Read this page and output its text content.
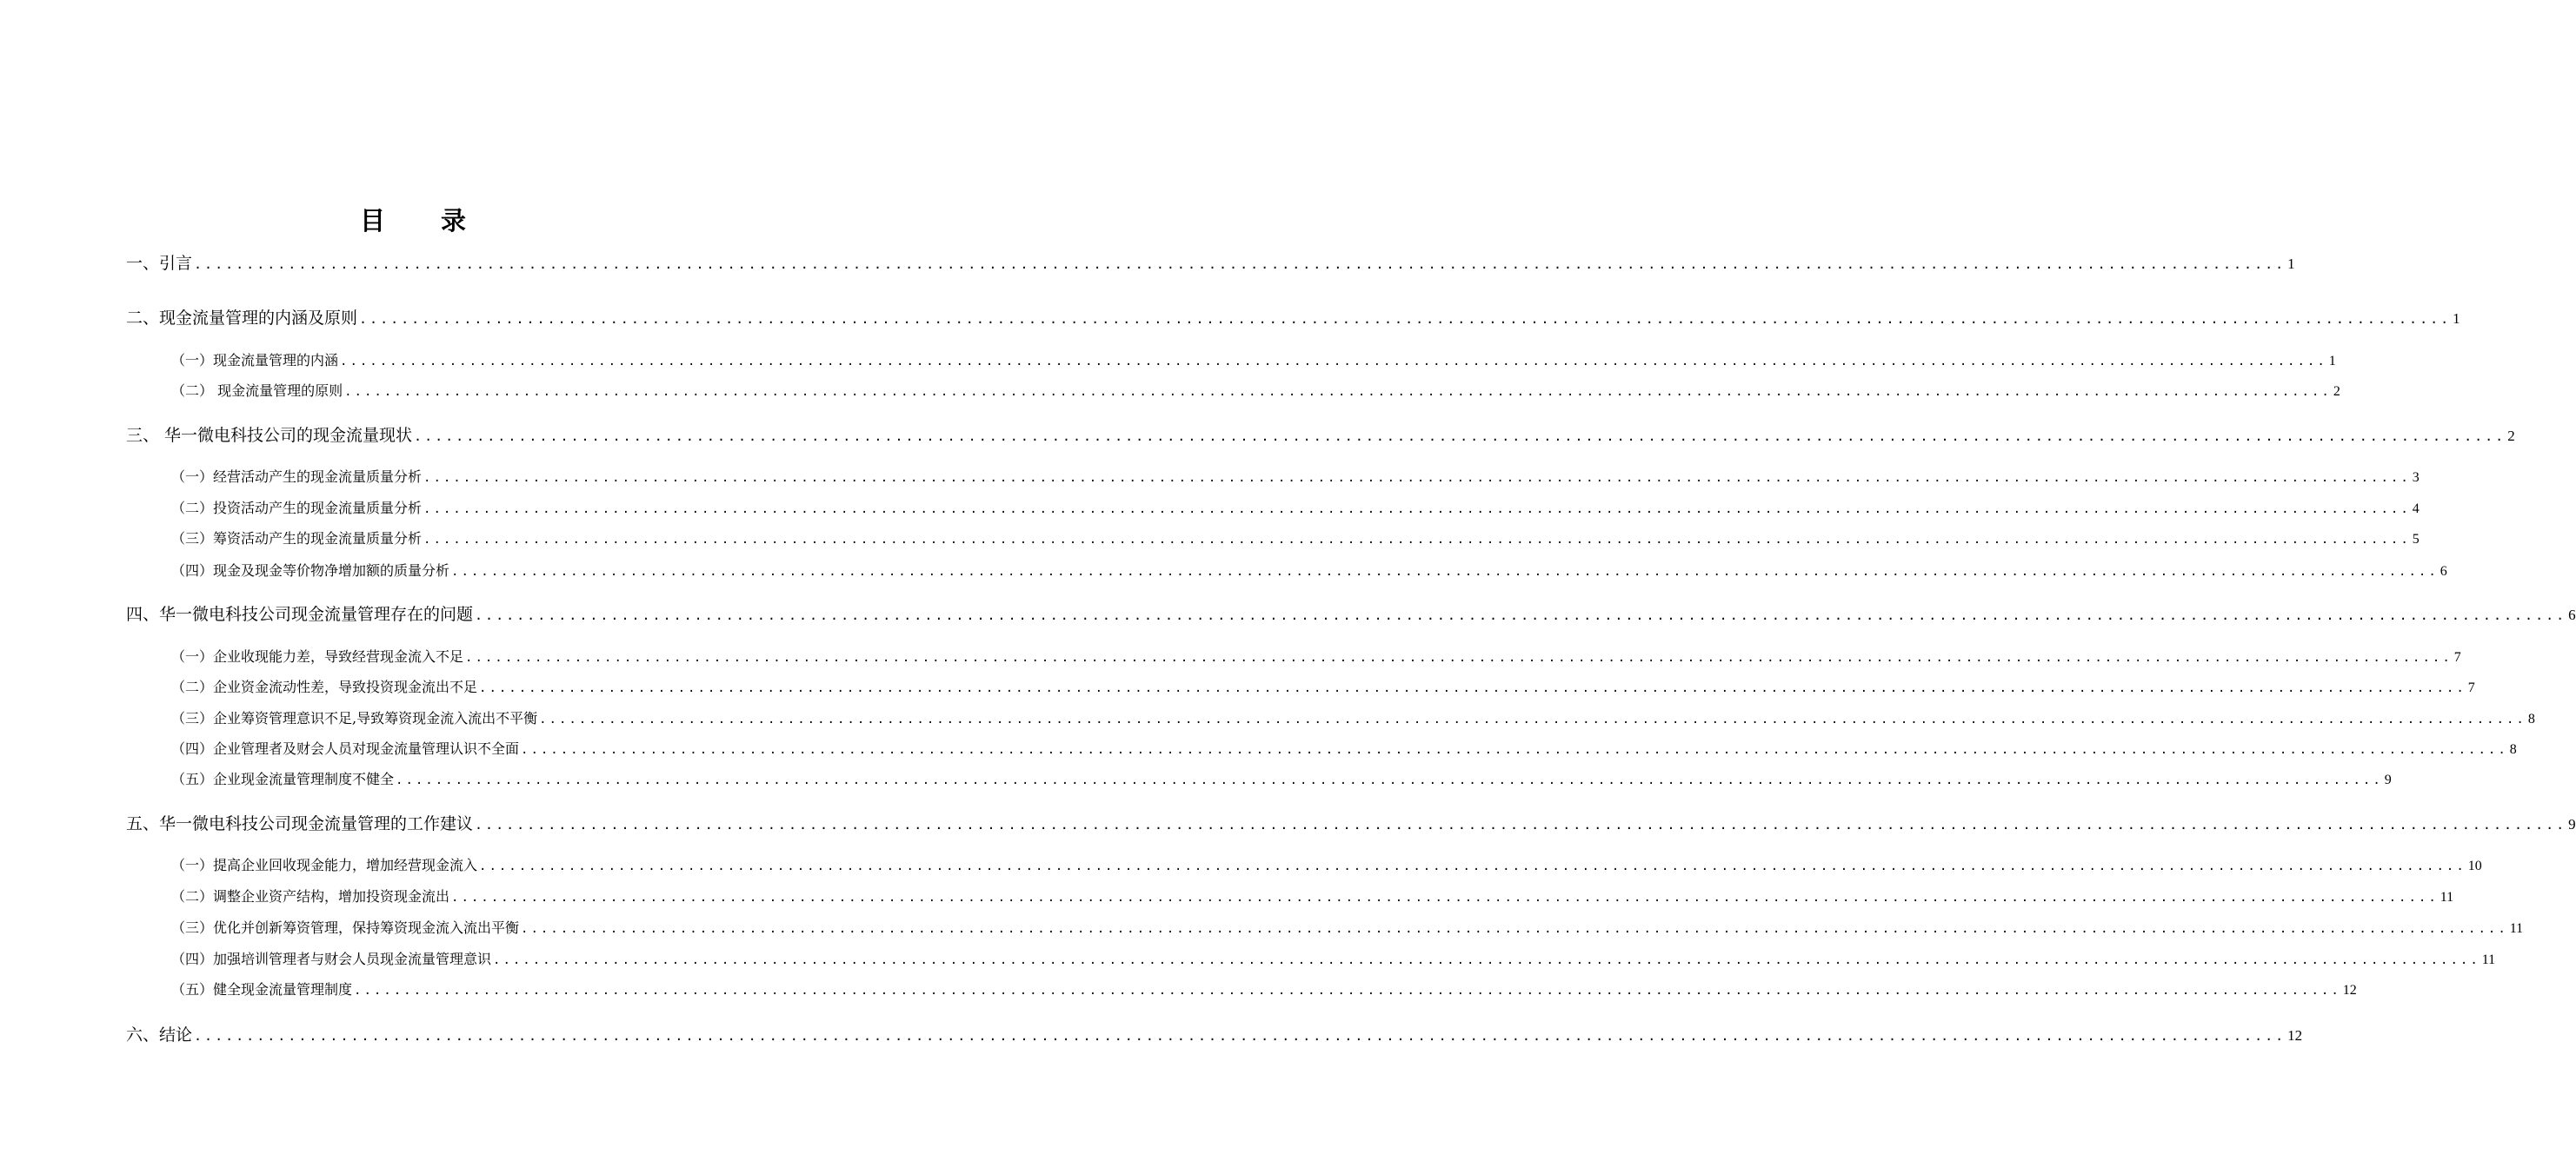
目 录
一、引言 ........................................................................................................................................................................................................ 1
二、现金流量管理的内涵及原则 ........................................................................................................................................................................................................ 1
（一）现金流量管理的内涵 ........................................................................................................................................................................................................ 1
（二） 现金流量管理的原则 ........................................................................................................................................................................................................ 2
三、 华一微电科技公司的现金流量现状 ........................................................................................................................................................................................................ 2
（一）经营活动产生的现金流量质量分析 ........................................................................................................................................................................................................ 3
（二）投资活动产生的现金流量质量分析 ........................................................................................................................................................................................................ 4
（三）筹资活动产生的现金流量质量分析 ........................................................................................................................................................................................................ 5
（四）现金及现金等价物净增加额的质量分析 ........................................................................................................................................................................................................ 6
四、华一微电科技公司现金流量管理存在的问题 ........................................................................................................................................................................................................ 6
（一）企业收现能力差，导致经营现金流入不足 ........................................................................................................................................................................................................ 7
（二）企业资金流动性差，导致投资现金流出不足 ........................................................................................................................................................................................................ 7
（三）企业筹资管理意识不足,导致筹资现金流入流出不平衡 ........................................................................................................................................................................................................ 8
（四）企业管理者及财会人员对现金流量管理认识不全面 ........................................................................................................................................................................................................ 8
（五）企业现金流量管理制度不健全 ........................................................................................................................................................................................................ 9
五、华一微电科技公司现金流量管理的工作建议 ........................................................................................................................................................................................................ 9
（一）提高企业回收现金能力，增加经营现金流入 ........................................................................................................................................................................................................ 10
（二）调整企业资产结构，增加投资现金流出 ........................................................................................................................................................................................................ 11
（三）优化并创新筹资管理，保持筹资现金流入流出平衡 ........................................................................................................................................................................................................ 11
（四）加强培训管理者与财会人员现金流量管理意识 ........................................................................................................................................................................................................ 11
（五）健全现金流量管理制度 ........................................................................................................................................................................................................ 12
六、结论 ........................................................................................................................................................................................................ 12
